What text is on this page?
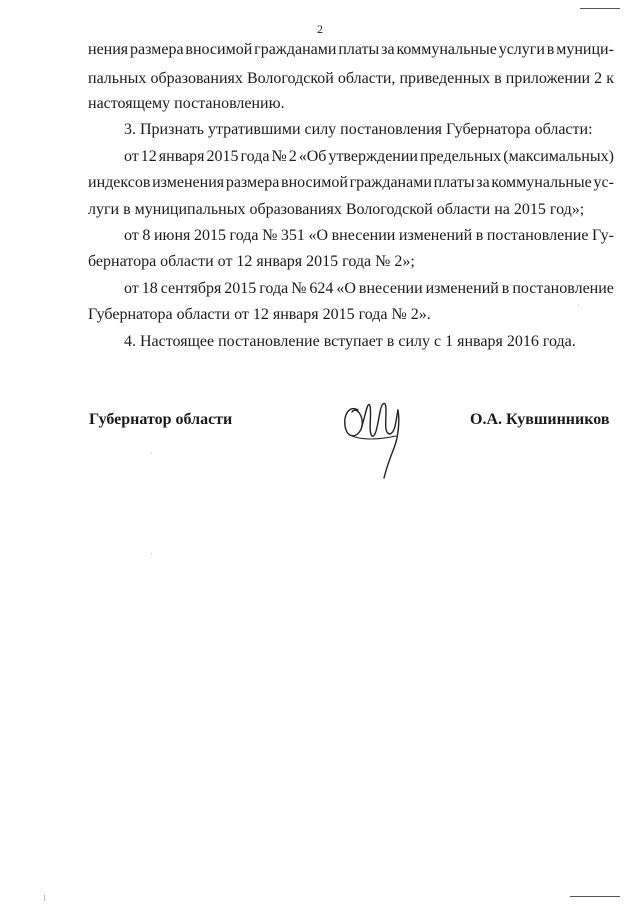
2
нения размера вносимой гражданами платы за коммунальные услуги в муници-
пальных образованиях Вологодской области, приведенных в приложении 2 к
настоящему постановлению.
3. Признать утратившими силу постановления Губернатора области:
от 12 января 2015 года № 2 «Об утверждении предельных (максимальных)
индексов изменения размера вносимой гражданами платы за коммунальные ус-
луги в муниципальных образованиях Вологодской области на 2015 год»;
от 8 июня 2015 года № 351 «О внесении изменений в постановление Гу-
бернатора области от 12 января 2015 года № 2»;
от 18 сентября 2015 года № 624 «О внесении изменений в постановление
Губернатора области от 12 января 2015 года № 2».
4. Настоящее постановление вступает в силу с 1 января 2016 года.
Губернатор области	О.А. Кувшинников
